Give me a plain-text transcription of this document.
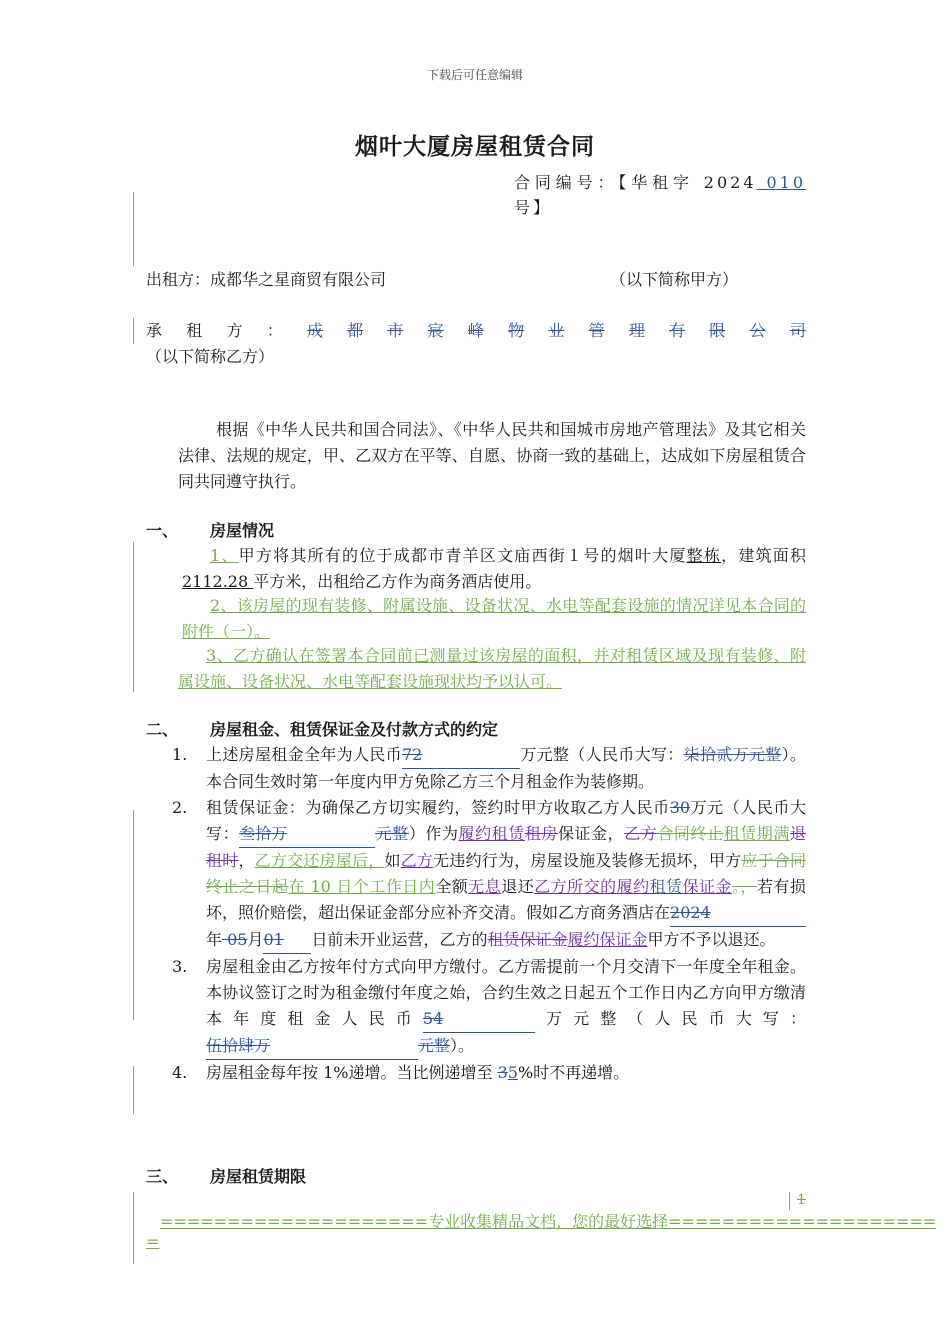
下载后可任意编辑
烟叶大厦房屋租赁合同
合同编号：【华租字 2024 010 号】
出租方：成都华之星商贸有限公司	（以下简称甲方）
承 租 方 ： 成 都 市 宸 峰 物 业 管 理 有 限 公 司
（以下简称乙方）
根据《中华人民共和国合同法》、《中华人民共和国城市房地产管理法》及其它相关法律、法规的规定，甲、乙双方在平等、自愿、协商一致的基础上，达成如下房屋租赁合同共同遵守执行。
一、 房屋情况
1、甲方将其所有的位于成都市青羊区文庙西街１号的烟叶大厦整栋，建筑面积 2112.28 平方米，出租给乙方作为商务酒店使用。
2、该房屋的现有装修、附属设施、设备状况、水电等配套设施的情况详见本合同的附件（一）。
3、乙方确认在签署本合同前已测量过该房屋的面积，并对租赁区域及现有装修、附属设施、设备状况、水电等配套设施现状均予以认可。
二、 房屋租金、租赁保证金及付款方式的约定
1. 上述房屋租金全年为人民币72	万元整（人民币大写：柒拾贰万元整）。本合同生效时第一年度内甲方免除乙方三个月租金作为装修期。
2. 租赁保证金：为确保乙方切实履约，签约时甲方收取乙方人民币30万元（人民币大写：叁拾万	元整）作为履约租赁租房保证金，乙方合同终止租赁期满退租时，乙方交还房屋后，如乙方无违约行为，房屋设施及装修无损坏，甲方应于合同终止之日起在 10 日个工作日内全额无息退还乙方所交的履约租赁保证金。，若有损坏，照价赔偿，超出保证金部分应补齐交清。假如乙方商务酒店在2024年 05月01 日前未开业运营，乙方的租赁保证金履约保证金甲方不予以退还。
3. 房屋租金由乙方按年付方式向甲方缴付。乙方需提前一个月交清下一年度全年租金。本协议签订之时为租金缴付年度之始，合约生效之日起五个工作日内乙方向甲方缴清本年度租金人民币54	万元整（人民币大写：伍拾肆万	元整）。
4. 房屋租金每年按 1%递增。当比例递增至 35%时不再递增。
三、 房屋租赁期限
1
====================专业收集精品文档，您的最好选择====================
=
